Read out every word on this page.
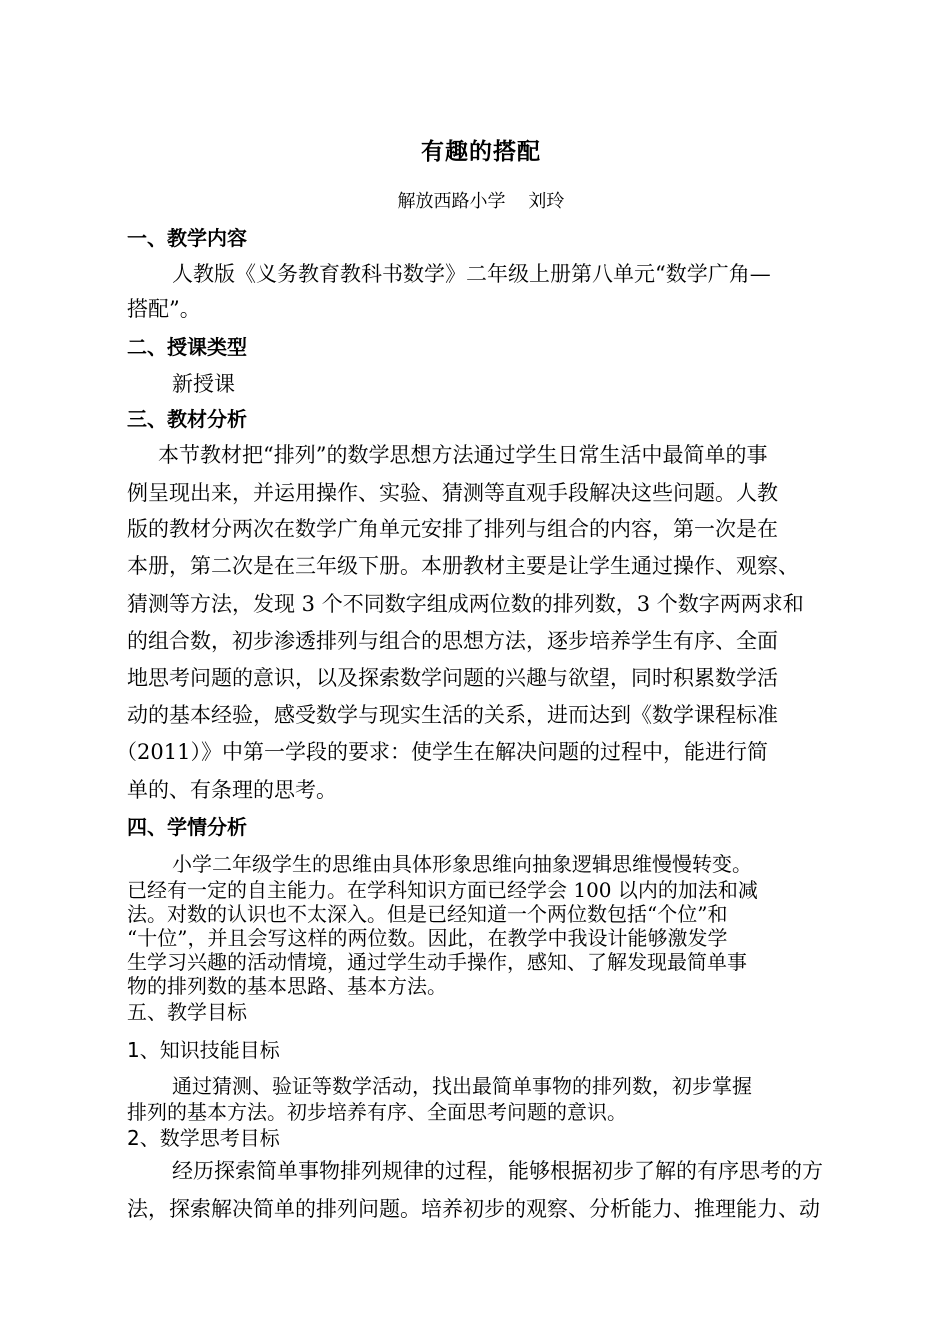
有趣的搭配
解放西路小学    刘玲
一、教学内容
人教版《义务教育教科书数学》二年级上册第八单元“数学广角—
搭配”。
二、授课类型
新授课
三、教材分析
本节教材把“排列”的数学思想方法通过学生日常生活中最简单的事
例呈现出来，并运用操作、实验、猜测等直观手段解决这些问题。人教
版的教材分两次在数学广角单元安排了排列与组合的内容，第一次是在
本册，第二次是在三年级下册。本册教材主要是让学生通过操作、观察、
猜测等方法，发现 3 个不同数字组成两位数的排列数，3 个数字两两求和
的组合数，初步渗透排列与组合的思想方法，逐步培养学生有序、全面
地思考问题的意识，以及探索数学问题的兴趣与欲望，同时积累数学活
动的基本经验，感受数学与现实生活的关系，进而达到《数学课程标准
（2011）》中第一学段的要求：使学生在解决问题的过程中，能进行简
单的、有条理的思考。
四、学情分析
小学二年级学生的思维由具体形象思维向抽象逻辑思维慢慢转变。
已经有一定的自主能力。在学科知识方面已经学会 100 以内的加法和减
法。对数的认识也不太深入。但是已经知道一个两位数包括“个位”和
“十位”，并且会写这样的两位数。因此，在教学中我设计能够激发学
生学习兴趣的活动情境，通过学生动手操作，感知、了解发现最简单事
物的排列数的基本思路、基本方法。
五、教学目标
1、知识技能目标
通过猜测、验证等数学活动，找出最简单事物的排列数，初步掌握
排列的基本方法。初步培养有序、全面思考问题的意识。
2、数学思考目标
经历探索简单事物排列规律的过程，能够根据初步了解的有序思考的方
法，探索解决简单的排列问题。培养初步的观察、分析能力、推理能力、动
